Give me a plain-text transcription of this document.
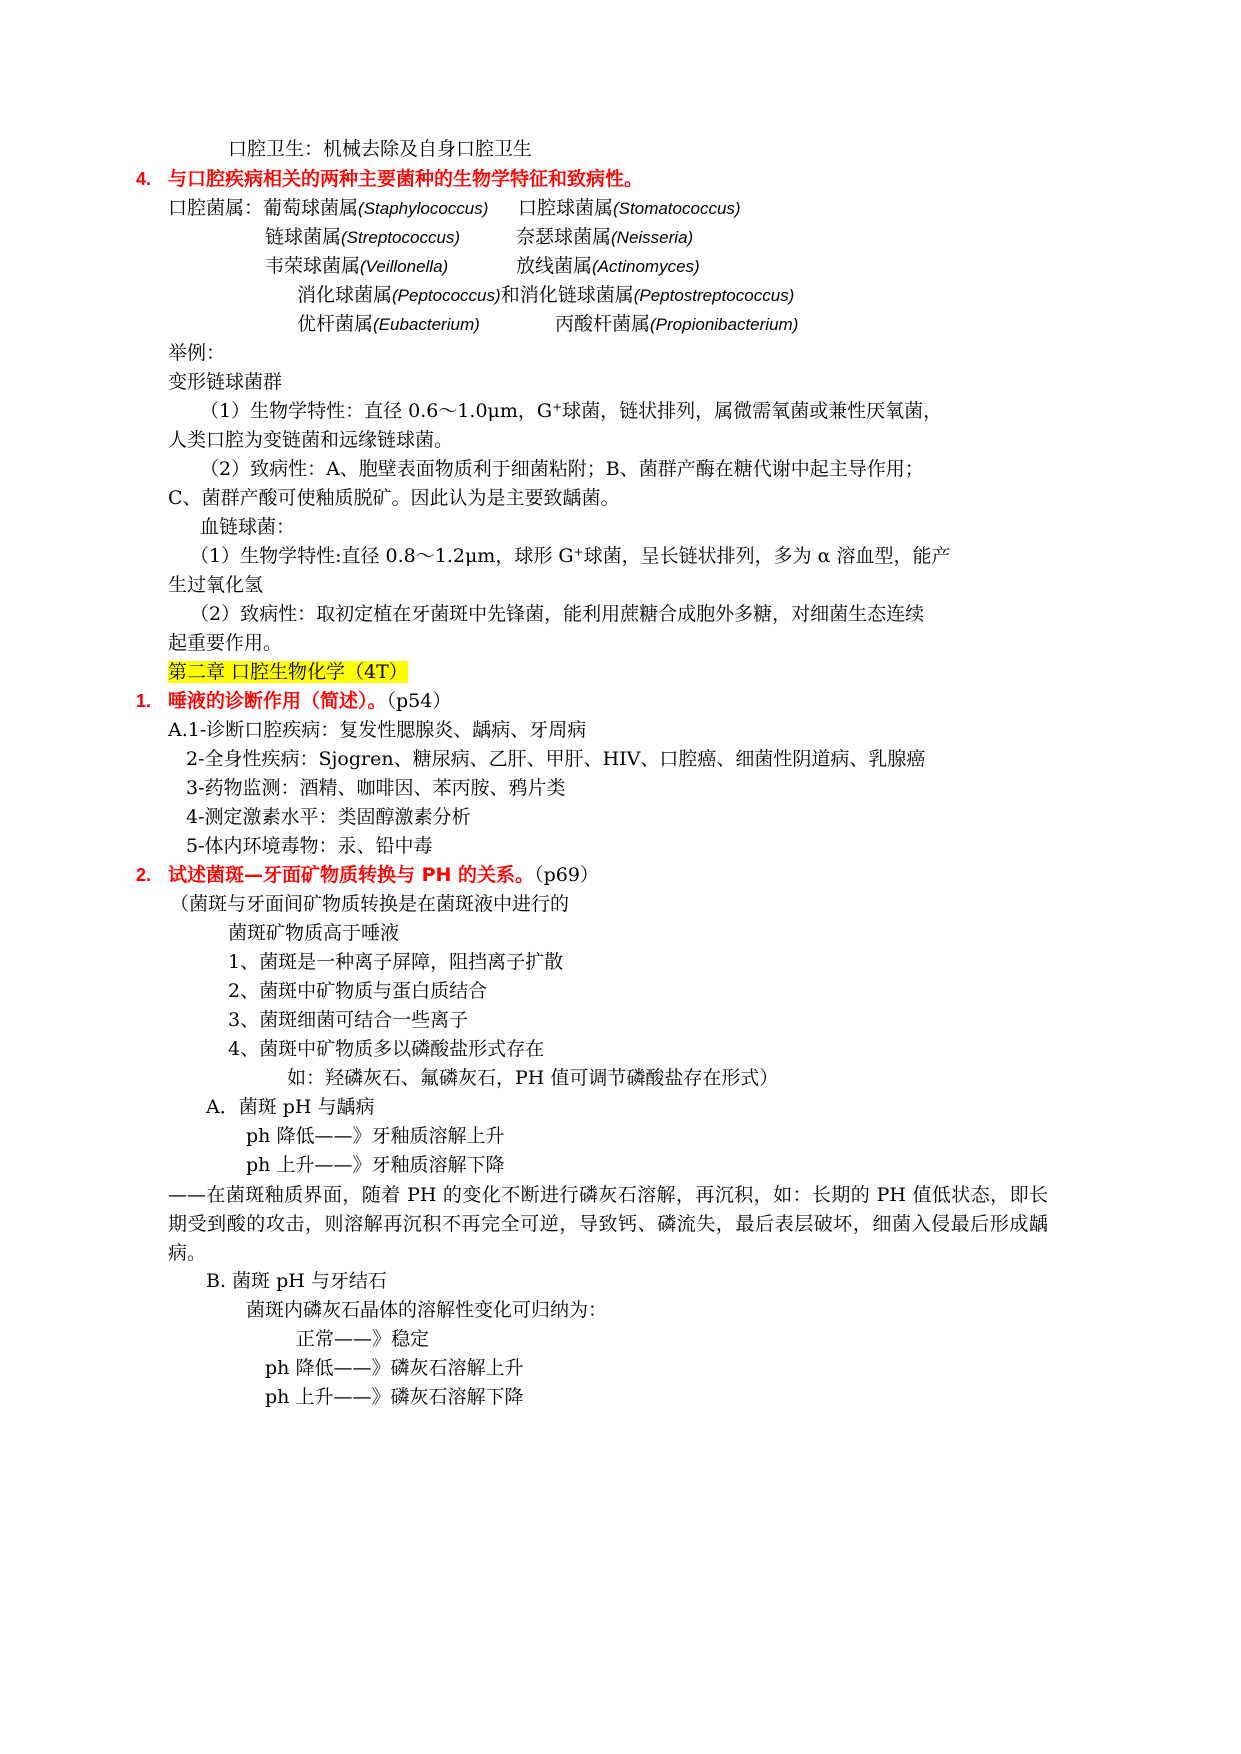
口腔卫生：机械去除及自身口腔卫生
4. 与口腔疾病相关的两种主要菌种的生物学特征和致病性。
口腔菌属：葡萄球菌属(Staphylococcus) 口腔球菌属(Stomatococcus)
链球菌属(Streptococcus)	奈瑟球菌属(Neisseria)
韦荣球菌属(Veillonella)	放线菌属(Actinomyces)
消化球菌属(Peptococcus)和消化链球菌属(Peptostreptococcus)
优杆菌属(Eubacterium)	丙酸杆菌属(Propionibacterium)
举例：
变形链球菌群
（1）生物学特性：直径 0.6～1.0μm，G⁺球菌，链状排列，属微需氧菌或兼性厌氧菌，
人类口腔为变链菌和远缘链球菌。
（2）致病性：A、胞壁表面物质利于细菌粘附；B、菌群产酶在糖代谢中起主导作用；
C、菌群产酸可使釉质脱矿。因此认为是主要致龋菌。
血链球菌：
（1）生物学特性:直径 0.8～1.2μm，球形 G⁺球菌，呈长链状排列，多为 α 溶血型，能产
生过氧化氢
（2）致病性：取初定植在牙菌斑中先锋菌，能利用蔗糖合成胞外多糖，对细菌生态连续
起重要作用。
第二章 口腔生物化学（4T）
1. 唾液的诊断作用（简述）。（p54）
A.1-诊断口腔疾病：复发性腮腺炎、龋病、牙周病
2-全身性疾病：Sjogren、糖尿病、乙肝、甲肝、HIV、口腔癌、细菌性阴道病、乳腺癌
3-药物监测：酒精、咖啡因、苯丙胺、鸦片类
4-测定激素水平：类固醇激素分析
5-体内环境毒物：汞、铅中毒
2. 试述菌斑—牙面矿物质转换与 PH 的关系。（p69）
（菌斑与牙面间矿物质转换是在菌斑液中进行的
菌斑矿物质高于唾液
1、菌斑是一种离子屏障，阻挡离子扩散
2、菌斑中矿物质与蛋白质结合
3、菌斑细菌可结合一些离子
4、菌斑中矿物质多以磷酸盐形式存在
如：羟磷灰石、氟磷灰石，PH 值可调节磷酸盐存在形式）
A．菌斑 pH 与龋病
ph 降低——》牙釉质溶解上升
ph 上升——》牙釉质溶解下降
——在菌斑釉质界面，随着 PH 的变化不断进行磷灰石溶解，再沉积，如：长期的 PH 值低状态，即长期受到酸的攻击，则溶解再沉积不再完全可逆，导致钙、磷流失，最后表层破坏，细菌入侵最后形成龋病。
B. 菌斑 pH 与牙结石
菌斑内磷灰石晶体的溶解性变化可归纳为：
正常——》稳定
ph 降低——》磷灰石溶解上升
ph 上升——》磷灰石溶解下降
